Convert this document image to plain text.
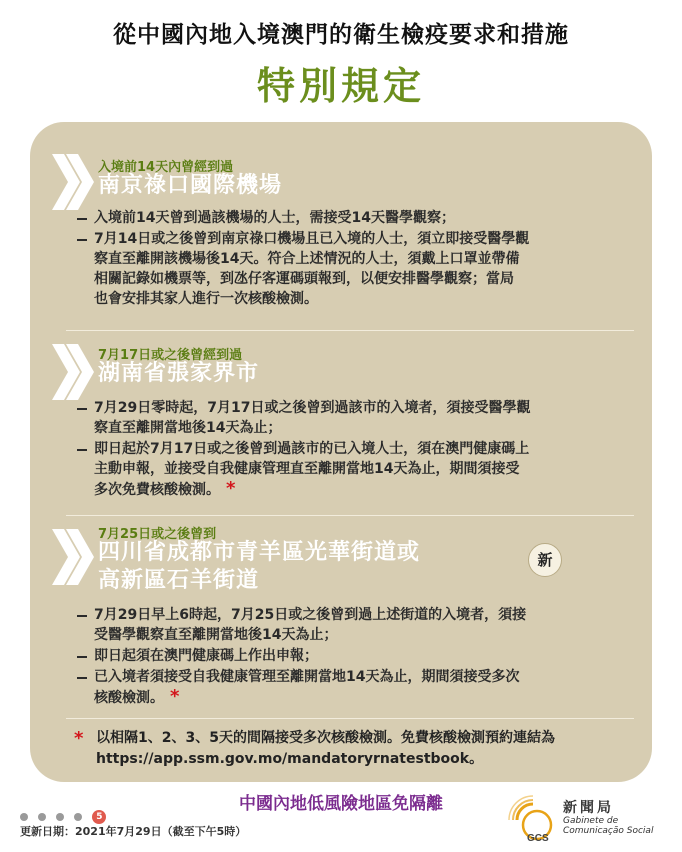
從中國內地入境澳門的衛生檢疫要求和措施
特別規定
入境前14天內曾經到過
南京祿口國際機場
入境前14天曾到過該機場的人士，需接受14天醫學觀察；
7月14日或之後曾到南京祿口機場且已入境的人士，須立即接受醫學觀
察直至離開該機場後14天。符合上述情況的人士，須戴上口罩並帶備
相關記錄如機票等，到氹仔客運碼頭報到，以便安排醫學觀察；當局
也會安排其家人進行一次核酸檢測。
7月17日或之後曾經到過
湖南省張家界市
7月29日零時起，7月17日或之後曾到過該市的入境者，須接受醫學觀
察直至離開當地後14天為止；
即日起於7月17日或之後曾到過該市的已入境人士，須在澳門健康碼上
主動申報，並接受自我健康管理直至離開當地14天為止，期間須接受
多次免費核酸檢測。 *
7月25日或之後曾到
四川省成都市青羊區光華街道或
高新區石羊街道
新
7月29日早上6時起，7月25日或之後曾到過上述街道的入境者，須接
受醫學觀察直至離開當地後14天為止；
即日起須在澳門健康碼上作出申報；
已入境者須接受自我健康管理至離開當地14天為止，期間須接受多次
核酸檢測。 *
* 以相隔1、2、3、5天的間隔接受多次核酸檢測。免費核酸檢測預約連結為
https://app.ssm.gov.mo/mandatoryrnatestbook。
中國內地低風險地區免隔離
5
更新日期：2021年7月29日（截至下午5時）
GCS
新聞局
Gabinete de
Comunicação Social
